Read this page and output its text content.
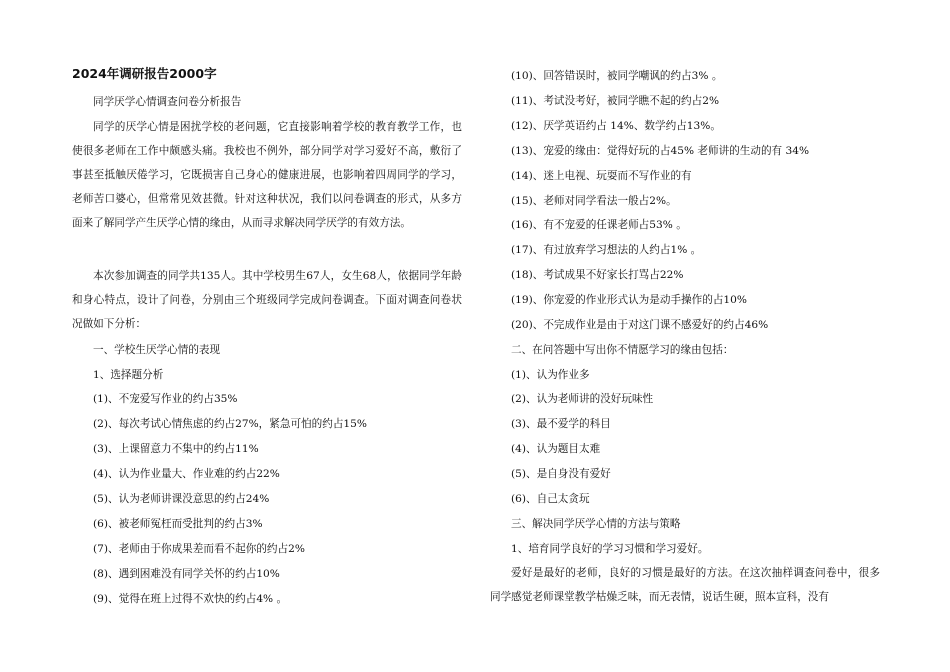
2024年调研报告2000字
同学厌学心情调查问卷分析报告
同学的厌学心情是困扰学校的老问题，它直接影响着学校的教育教学工作，也使很多老师在工作中颇感头痛。我校也不例外，部分同学对学习爱好不高，敷衍了事甚至抵触厌倦学习，它既损害自己身心的健康进展，也影响着四周同学的学习，老师苦口婆心，但常常见效甚微。针对这种状况，我们以问卷调查的形式，从多方面来了解同学产生厌学心情的缘由，从而寻求解决同学厌学的有效方法。
本次参加调查的同学共135人。其中学校男生67人，女生68人，依据同学年龄和身心特点，设计了问卷，分别由三个班级同学完成问卷调查。下面对调查问卷状况做如下分析：
一、学校生厌学心情的表现
1、选择题分析
(1)、不宠爱写作业的约占35%
(2)、每次考试心情焦虑的约占27%，紧急可怕的约占15%
(3)、上课留意力不集中的约占11%
(4)、认为作业量大、作业难的约占22%
(5)、认为老师讲课没意思的约占24%
(6)、被老师冤枉而受批判的约占3%
(7)、老师由于你成果差而看不起你的约占2%
(8)、遇到困难没有同学关怀的约占10%
(9)、觉得在班上过得不欢快的约占4% 。
(10)、回答错误时，被同学嘲讽的约占3% 。
(11)、考试没考好，被同学瞧不起的约占2%
(12)、厌学英语约占 14%、数学约占13%。
(13)、宠爱的缘由：觉得好玩的占45% 老师讲的生动的有 34%
(14)、迷上电视、玩耍而不写作业的有
(15)、老师对同学看法一般占2%。
(16)、有不宠爱的任课老师占53% 。
(17)、有过放弃学习想法的人约占1% 。
(18)、考试成果不好家长打骂占22%
(19)、你宠爱的作业形式认为是动手操作的占10%
(20)、不完成作业是由于对这门课不感爱好的约占46%
二、在问答题中写出你不情愿学习的缘由包括：
(1)、认为作业多
(2)、认为老师讲的没好玩味性
(3)、最不爱学的科目
(4)、认为题目太难
(5)、是自身没有爱好
(6)、自己太贪玩
三、解决同学厌学心情的方法与策略
1、培育同学良好的学习习惯和学习爱好。
爱好是最好的老师，良好的习惯是最好的方法。在这次抽样调查问卷中，很多同学感觉老师课堂教学枯燥乏味，而无表情，说话生硬，照本宣科，没有
